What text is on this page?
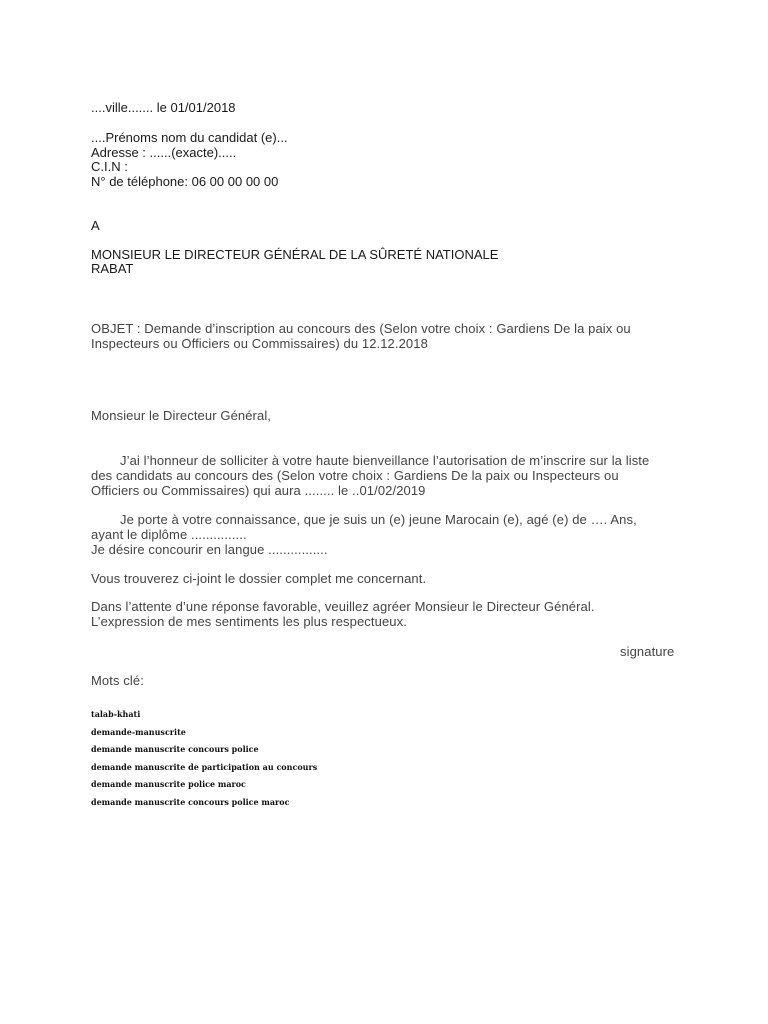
....ville....... le 01/01/2018
....Prénoms nom du candidat (e)...
Adresse : ......(exacte).....
C.I.N :
N° de téléphone: 06 00 00 00 00
A
MONSIEUR LE DIRECTEUR GÉNÉRAL DE LA SÛRETÉ NATIONALE
RABAT
OBJET : Demande d’inscription au concours des (Selon votre choix : Gardiens De la paix ou
Inspecteurs ou Officiers ou Commissaires) du 12.12.2018
Monsieur le Directeur Général,
J’ai l’honneur de solliciter à votre haute bienveillance l’autorisation de m’inscrire sur la liste
des candidats au concours des (Selon votre choix : Gardiens De la paix ou Inspecteurs ou
Officiers ou Commissaires) qui aura ........ le ..01/02/2019
Je porte à votre connaissance, que je suis un (e) jeune Marocain (e), agé (e) de …. Ans,
ayant le diplôme ...............
Je désire concourir en langue ................
Vous trouverez ci-joint le dossier complet me concernant.
Dans l’attente d’une réponse favorable, veuillez agréer Monsieur le Directeur Général.
L’expression de mes sentiments les plus respectueux.
signature
Mots clé:
talab-khati
demande-manuscrite
demande manuscrite concours police
demande manuscrite de participation au concours
demande manuscrite police maroc
demande manuscrite concours police maroc
